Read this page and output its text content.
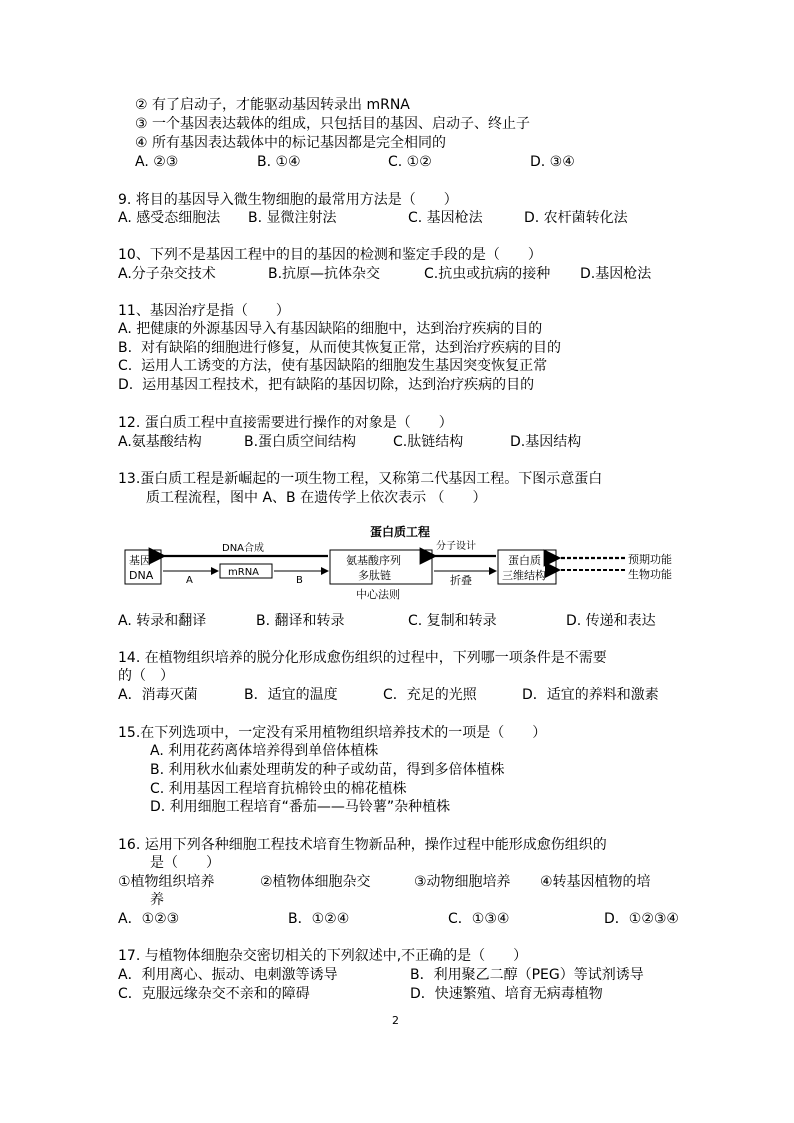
② 有了启动子，才能驱动基因转录出 mRNA
③ 一个基因表达载体的组成，只包括目的基因、启动子、终止子
④ 所有基因表达载体中的标记基因都是完全相同的
A. ②③	B. ①④	C. ①②	D. ③④
9. 将目的基因导入微生物细胞的最常用方法是（　　）
A. 感受态细胞法 B. 显微注射法	C. 基因枪法	D. 农杆菌转化法
10、下列不是基因工程中的目的基因的检测和鉴定手段的是（　　）
A.分子杂交技术	B.抗原—抗体杂交	C.抗虫或抗病的接种 D.基因枪法
11、基因治疗是指（　　）
A. 把健康的外源基因导入有基因缺陷的细胞中，达到治疗疾病的目的
B.  对有缺陷的细胞进行修复，从而使其恢复正常，达到治疗疾病的目的
C.  运用人工诱变的方法，使有基因缺陷的细胞发生基因突变恢复正常
D.  运用基因工程技术，把有缺陷的基因切除，达到治疗疾病的目的
12. 蛋白质工程中直接需要进行操作的对象是（　　）
A.氨基酸结构	B.蛋白质空间结构	C.肽链结构	D.基因结构
13.蛋白质工程是新崛起的一项生物工程，又称第二代基因工程。下图示意蛋白
质工程流程，图中 A、B 在遗传学上依次表示 （　　）
蛋白质工程
基因
DNA	mRNA
氨基酸序列
多肽链
蛋白质
三维结构
预期功能
生物功能
DNA合成	分子设计
A	B	折叠
中心法则
A. 转录和翻译	B. 翻译和转录	C. 复制和转录	D. 传递和表达
14. 在植物组织培养的脱分化形成愈伤组织的过程中，下列哪一项条件是不需要
的（　）
A．消毒灭菌	B．适宜的温度	C．充足的光照	D．适宜的养料和激素
15.在下列选项中，一定没有采用植物组织培养技术的一项是（　　）
A. 利用花药离体培养得到单倍体植株
B. 利用秋水仙素处理萌发的种子或幼苗，得到多倍体植株
C. 利用基因工程培育抗棉铃虫的棉花植株
D. 利用细胞工程培育“番茄——马铃薯”杂种植株
16. 运用下列各种细胞工程技术培育生物新品种，操作过程中能形成愈伤组织的
是（　　）
①植物组织培养	②植物体细胞杂交	③动物细胞培养 ④转基因植物的培
养
A．①②③	B．①②④	C．①③④	D．①②③④
17. 与植物体细胞杂交密切相关的下列叙述中,不正确的是（　　）
A．利用离心、振动、电刺激等诱导	B．利用聚乙二醇（PEG）等试剂诱导
C．克服远缘杂交不亲和的障碍	D．快速繁殖、培育无病毒植物
2
